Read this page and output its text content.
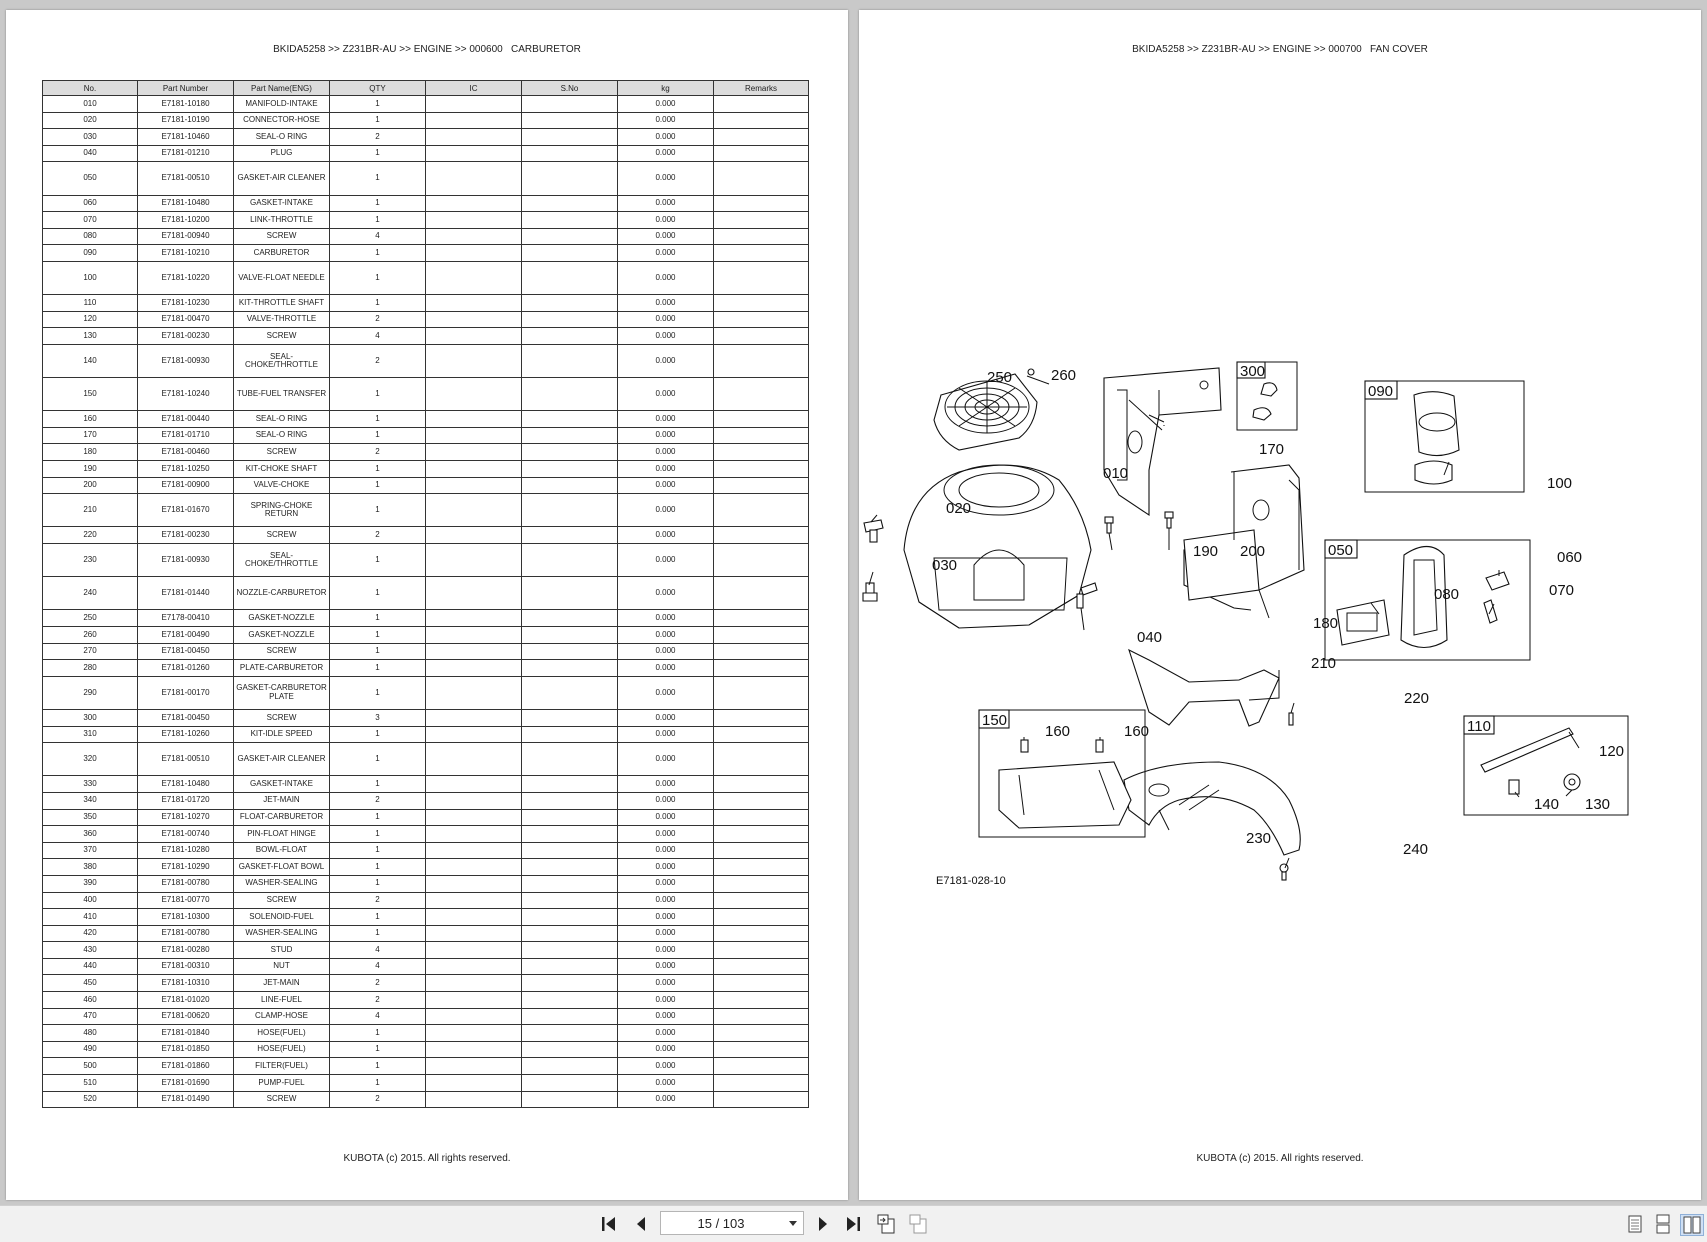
BKIDA5258 >> Z231BR-AU >> ENGINE >> 000600   CARBURETOR
No.	Part Number	Part Name(ENG)	QTY	IC	S.No	kg	Remarks
010	E7181-10180	MANIFOLD-INTAKE	1			0.000	
020	E7181-10190	CONNECTOR-HOSE	1			0.000	
030	E7181-10460	SEAL-O RING	2			0.000	
040	E7181-01210	PLUG	1			0.000	
050	E7181-00510	GASKET-AIR CLEANER	1			0.000	
060	E7181-10480	GASKET-INTAKE	1			0.000	
070	E7181-10200	LINK-THROTTLE	1			0.000	
080	E7181-00940	SCREW	4			0.000	
090	E7181-10210	CARBURETOR	1			0.000	
100	E7181-10220	VALVE-FLOAT NEEDLE	1			0.000	
110	E7181-10230	KIT-THROTTLE SHAFT	1			0.000	
120	E7181-00470	VALVE-THROTTLE	2			0.000	
130	E7181-00230	SCREW	4			0.000	
140	E7181-00930	SEAL-CHOKE/THROTTLE	2			0.000	
150	E7181-10240	TUBE-FUEL TRANSFER	1			0.000	
160	E7181-00440	SEAL-O RING	1			0.000	
170	E7181-01710	SEAL-O RING	1			0.000	
180	E7181-00460	SCREW	2			0.000	
190	E7181-10250	KIT-CHOKE SHAFT	1			0.000	
200	E7181-00900	VALVE-CHOKE	1			0.000	
210	E7181-01670	SPRING-CHOKE RETURN	1			0.000	
220	E7181-00230	SCREW	2			0.000	
230	E7181-00930	SEAL-CHOKE/THROTTLE	1			0.000	
240	E7181-01440	NOZZLE-CARBURETOR	1			0.000	
250	E7178-00410	GASKET-NOZZLE	1			0.000	
260	E7181-00490	GASKET-NOZZLE	1			0.000	
270	E7181-00450	SCREW	1			0.000	
280	E7181-01260	PLATE-CARBURETOR	1			0.000	
290	E7181-00170	GASKET-CARBURETOR PLATE	1			0.000	
300	E7181-00450	SCREW	3			0.000	
310	E7181-10260	KIT-IDLE SPEED	1			0.000	
320	E7181-00510	GASKET-AIR CLEANER	1			0.000	
330	E7181-10480	GASKET-INTAKE	1			0.000	
340	E7181-01720	JET-MAIN	2			0.000	
350	E7181-10270	FLOAT-CARBURETOR	1			0.000	
360	E7181-00740	PIN-FLOAT HINGE	1			0.000	
370	E7181-10280	BOWL-FLOAT	1			0.000	
380	E7181-10290	GASKET-FLOAT BOWL	1			0.000	
390	E7181-00780	WASHER-SEALING	1			0.000	
400	E7181-00770	SCREW	2			0.000	
410	E7181-10300	SOLENOID-FUEL	1			0.000	
420	E7181-00780	WASHER-SEALING	1			0.000	
430	E7181-00280	STUD	4			0.000	
440	E7181-00310	NUT	4			0.000	
450	E7181-10310	JET-MAIN	2			0.000	
460	E7181-01020	LINE-FUEL	2			0.000	
470	E7181-00620	CLAMP-HOSE	4			0.000	
480	E7181-01840	HOSE(FUEL)	1			0.000	
490	E7181-01850	HOSE(FUEL)	1			0.000	
500	E7181-01860	FILTER(FUEL)	1			0.000	
510	E7181-01690	PUMP-FUEL	1			0.000	
520	E7181-01490	SCREW	2			0.000	
KUBOTA (c) 2015. All rights reserved.
BKIDA5258 >> Z231BR-AU >> ENGINE >> 000700   FAN COVER
300
090
050
150	110
250	260
010
020
030
040
170
190 200
180
210
220
230
240
100
060
070
080
160	160
120
130
140
E7181-028-10
KUBOTA (c) 2015. All rights reserved.
15 / 103
